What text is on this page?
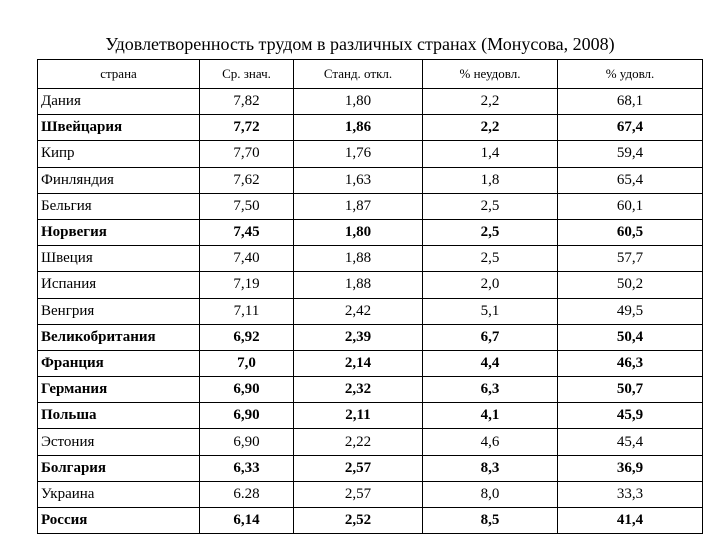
Удовлетворенность трудом в различных странах (Монусова, 2008)
страна	Ср. знач.	Станд. откл.	% неудовл.	% удовл.
Дания	7,82	1,80	2,2	68,1
Швейцария	7,72	1,86	2,2	67,4
Кипр	7,70	1,76	1,4	59,4
Финляндия	7,62	1,63	1,8	65,4
Бельгия	7,50	1,87	2,5	60,1
Норвегия	7,45	1,80	2,5	60,5
Швеция	7,40	1,88	2,5	57,7
Испания	7,19	1,88	2,0	50,2
Венгрия	7,11	2,42	5,1	49,5
Великобритания	6,92	2,39	6,7	50,4
Франция	7,0	2,14	4,4	46,3
Германия	6,90	2,32	6,3	50,7
Польша	6,90	2,11	4,1	45,9
Эстония	6,90	2,22	4,6	45,4
Болгария	6,33	2,57	8,3	36,9
Украина	6.28	2,57	8,0	33,3
Россия	6,14	2,52	8,5	41,4
